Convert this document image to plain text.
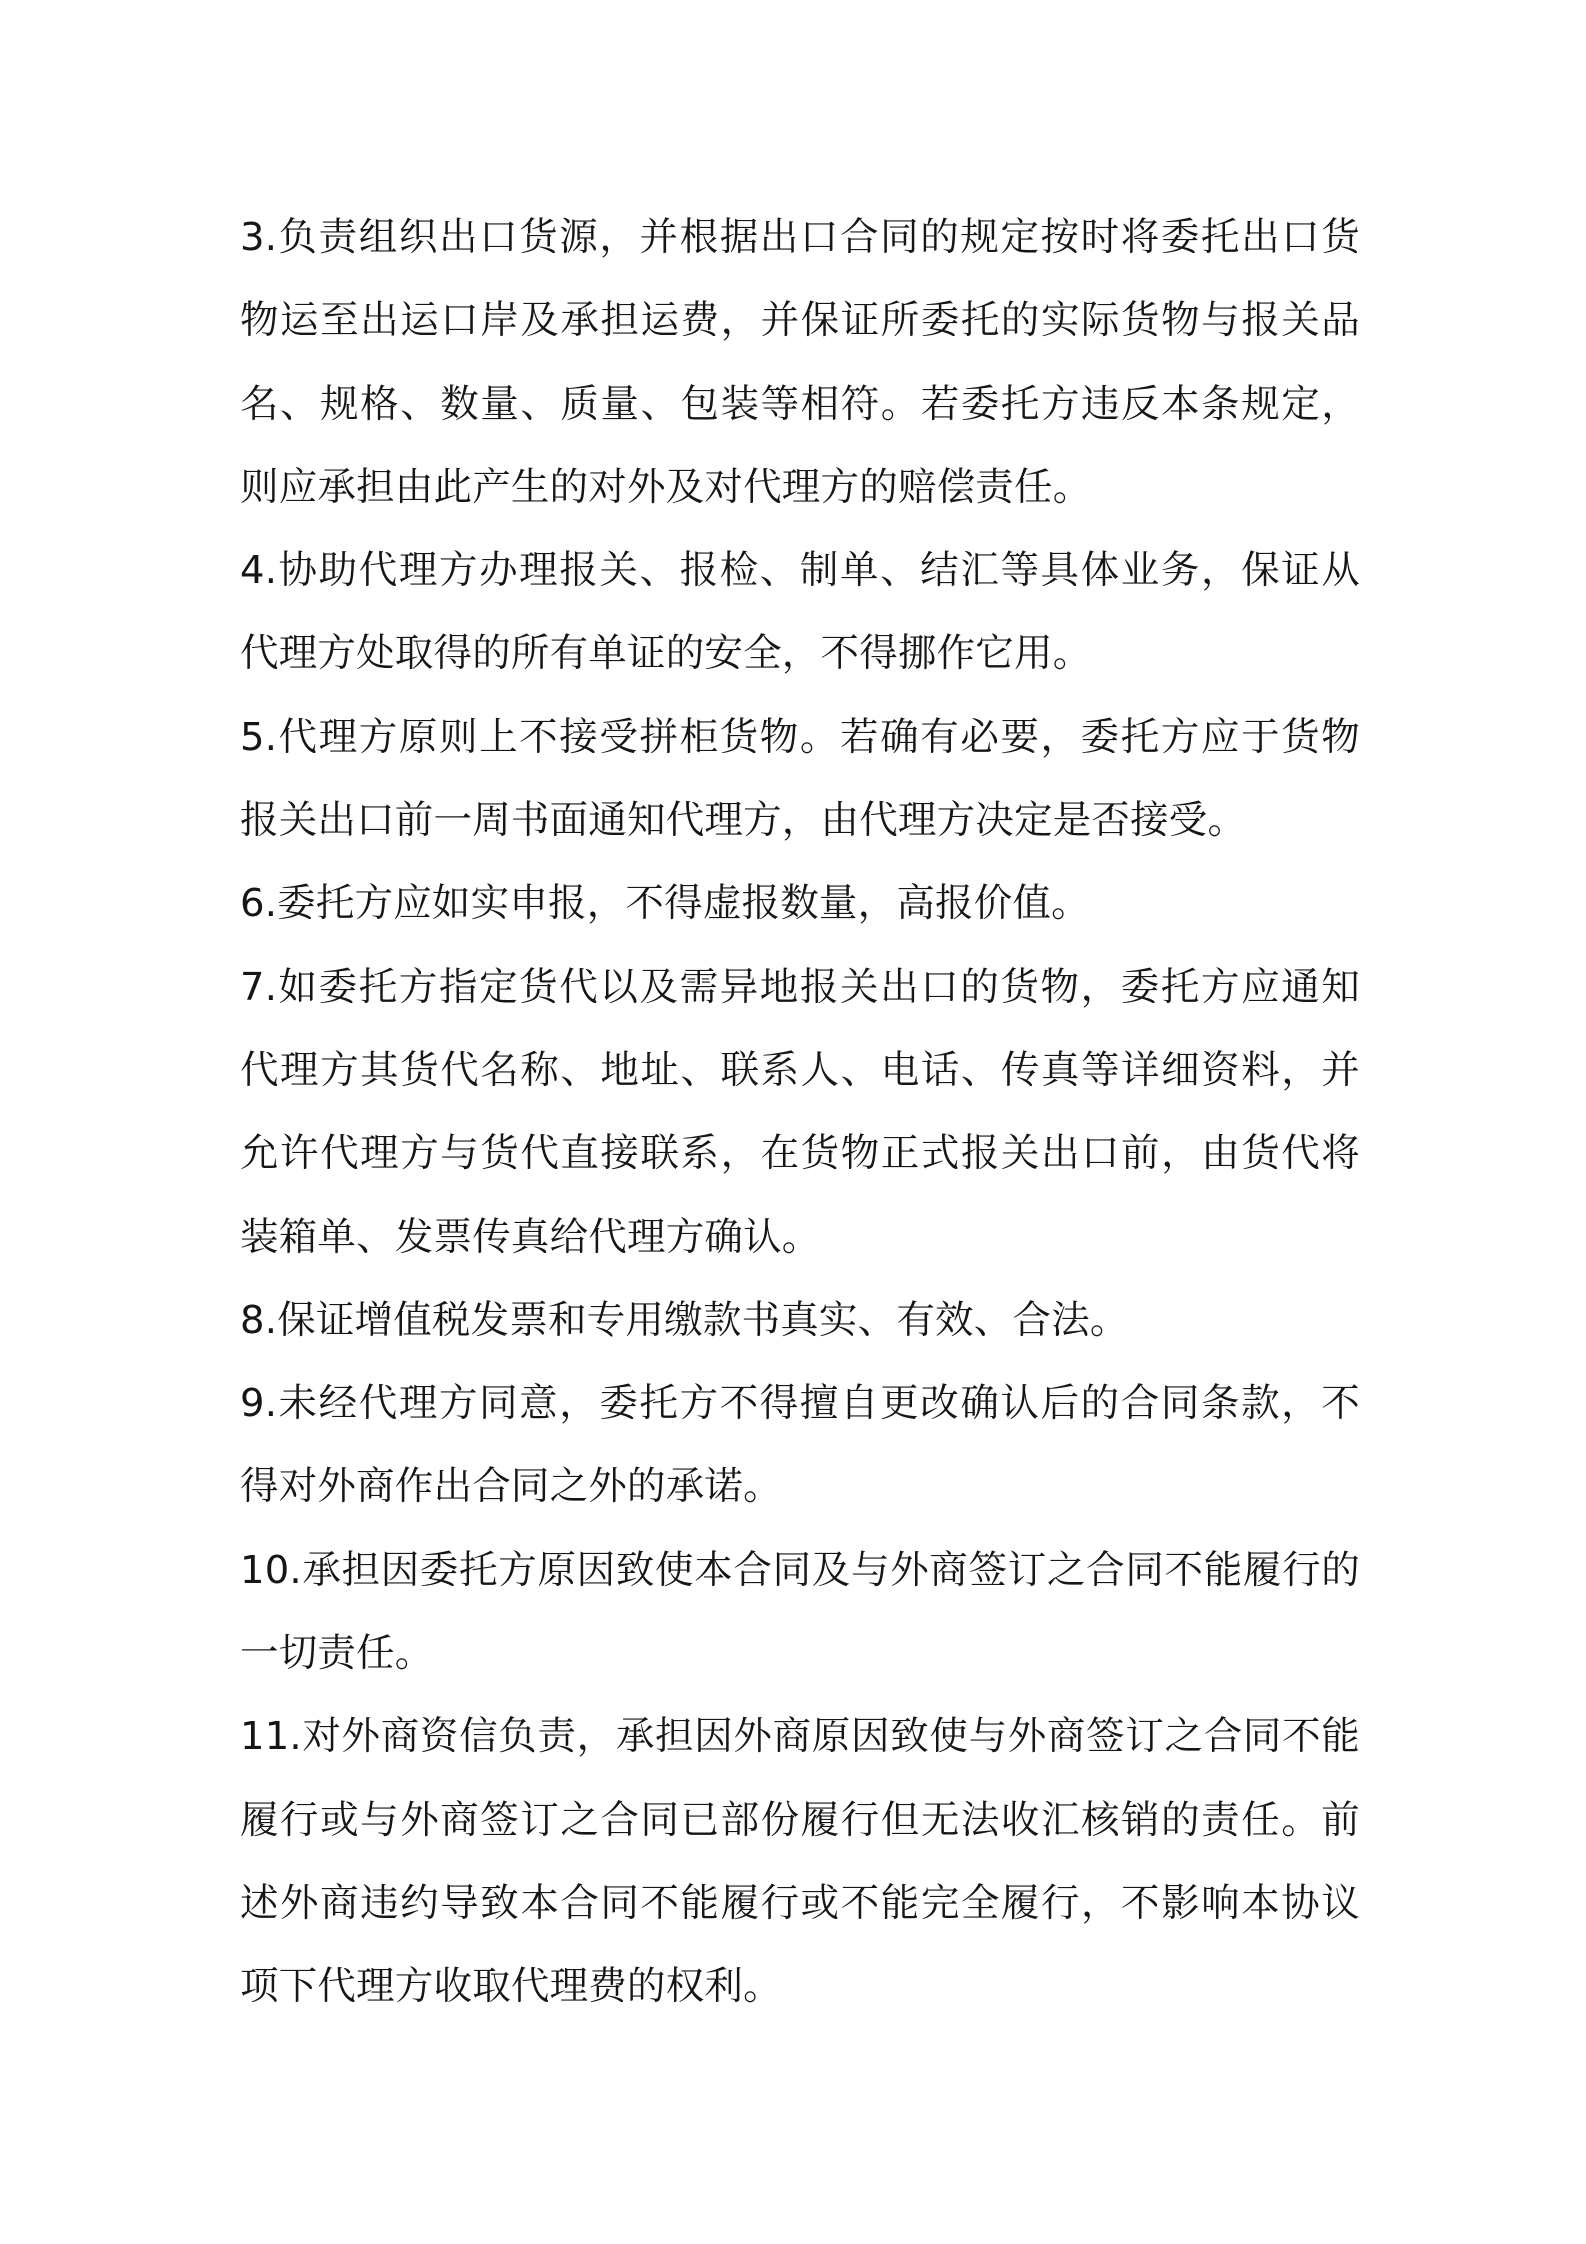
3.负责组织出口货源，并根据出口合同的规定按时将委托出口货物运至出运口岸及承担运费，并保证所委托的实际货物与报关品名、规格、数量、质量、包装等相符。若委托方违反本条规定，则应承担由此产生的对外及对代理方的赔偿责任。

4.协助代理方办理报关、报检、制单、结汇等具体业务，保证从代理方处取得的所有单证的安全，不得挪作它用。

5.代理方原则上不接受拼柜货物。若确有必要，委托方应于货物报关出口前一周书面通知代理方，由代理方决定是否接受。

6.委托方应如实申报，不得虚报数量，高报价值。

7.如委托方指定货代以及需异地报关出口的货物，委托方应通知代理方其货代名称、地址、联系人、电话、传真等详细资料，并允许代理方与货代直接联系，在货物正式报关出口前，由货代将装箱单、发票传真给代理方确认。

8.保证增值税发票和专用缴款书真实、有效、合法。

9.未经代理方同意，委托方不得擅自更改确认后的合同条款，不得对外商作出合同之外的承诺。

10.承担因委托方原因致使本合同及与外商签订之合同不能履行的一切责任。

11.对外商资信负责，承担因外商原因致使与外商签订之合同不能履行或与外商签订之合同已部份履行但无法收汇核销的责任。前述外商违约导致本合同不能履行或不能完全履行，不影响本协议项下代理方收取代理费的权利。
